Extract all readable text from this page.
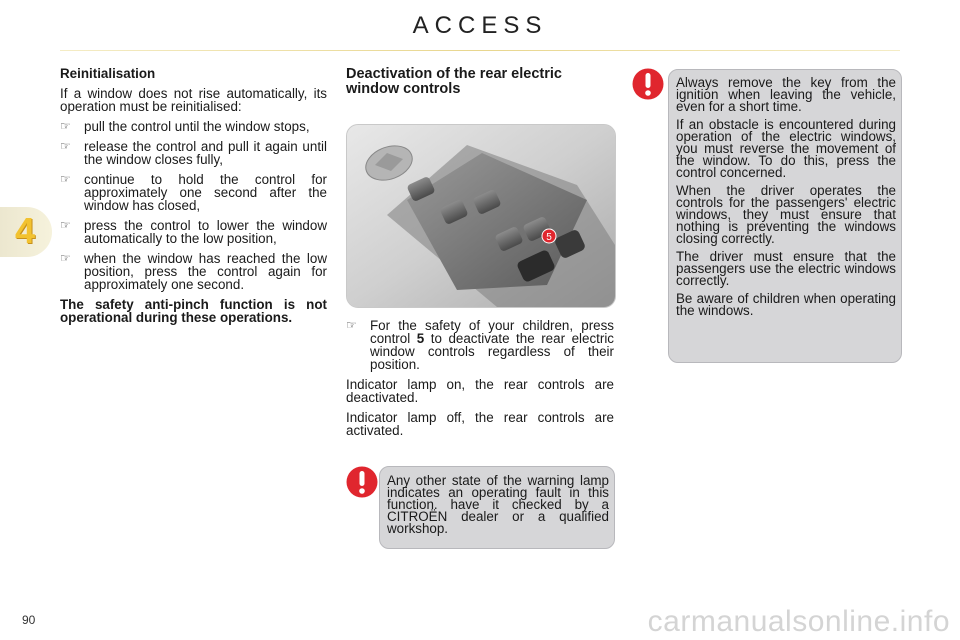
ACCESS
4

Reinitialisation

If a window does not rise automatically, its operation must be reinitialised:

☞ pull the control until the window stops,
☞ release the control and pull it again until the window closes fully,
☞ continue to hold the control for approximately one second after the window has closed,
☞ press the control to lower the window automatically to the low position,
☞ when the window has reached the low position, press the control again for approximately one second.

The safety anti-pinch function is not operational during these operations.

Deactivation of the rear electric window controls
5
☞ For the safety of your children, press control 5 to deactivate the rear electric window controls regardless of their position.

Indicator lamp on, the rear controls are deactivated.

Indicator lamp off, the rear controls are activated.

Always remove the key from the ignition when leaving the vehicle, even for a short time.

If an obstacle is encountered during operation of the electric windows, you must reverse the movement of the window. To do this, press the control concerned.

When the driver operates the controls for the passengers' electric windows, they must ensure that nothing is preventing the windows closing correctly.

The driver must ensure that the passengers use the electric windows correctly.

Be aware of children when operating the windows.

Any other state of the warning lamp indicates an operating fault in this function. have it checked by a CITROËN dealer or a qualified workshop.

90	carmanualsonline.info
